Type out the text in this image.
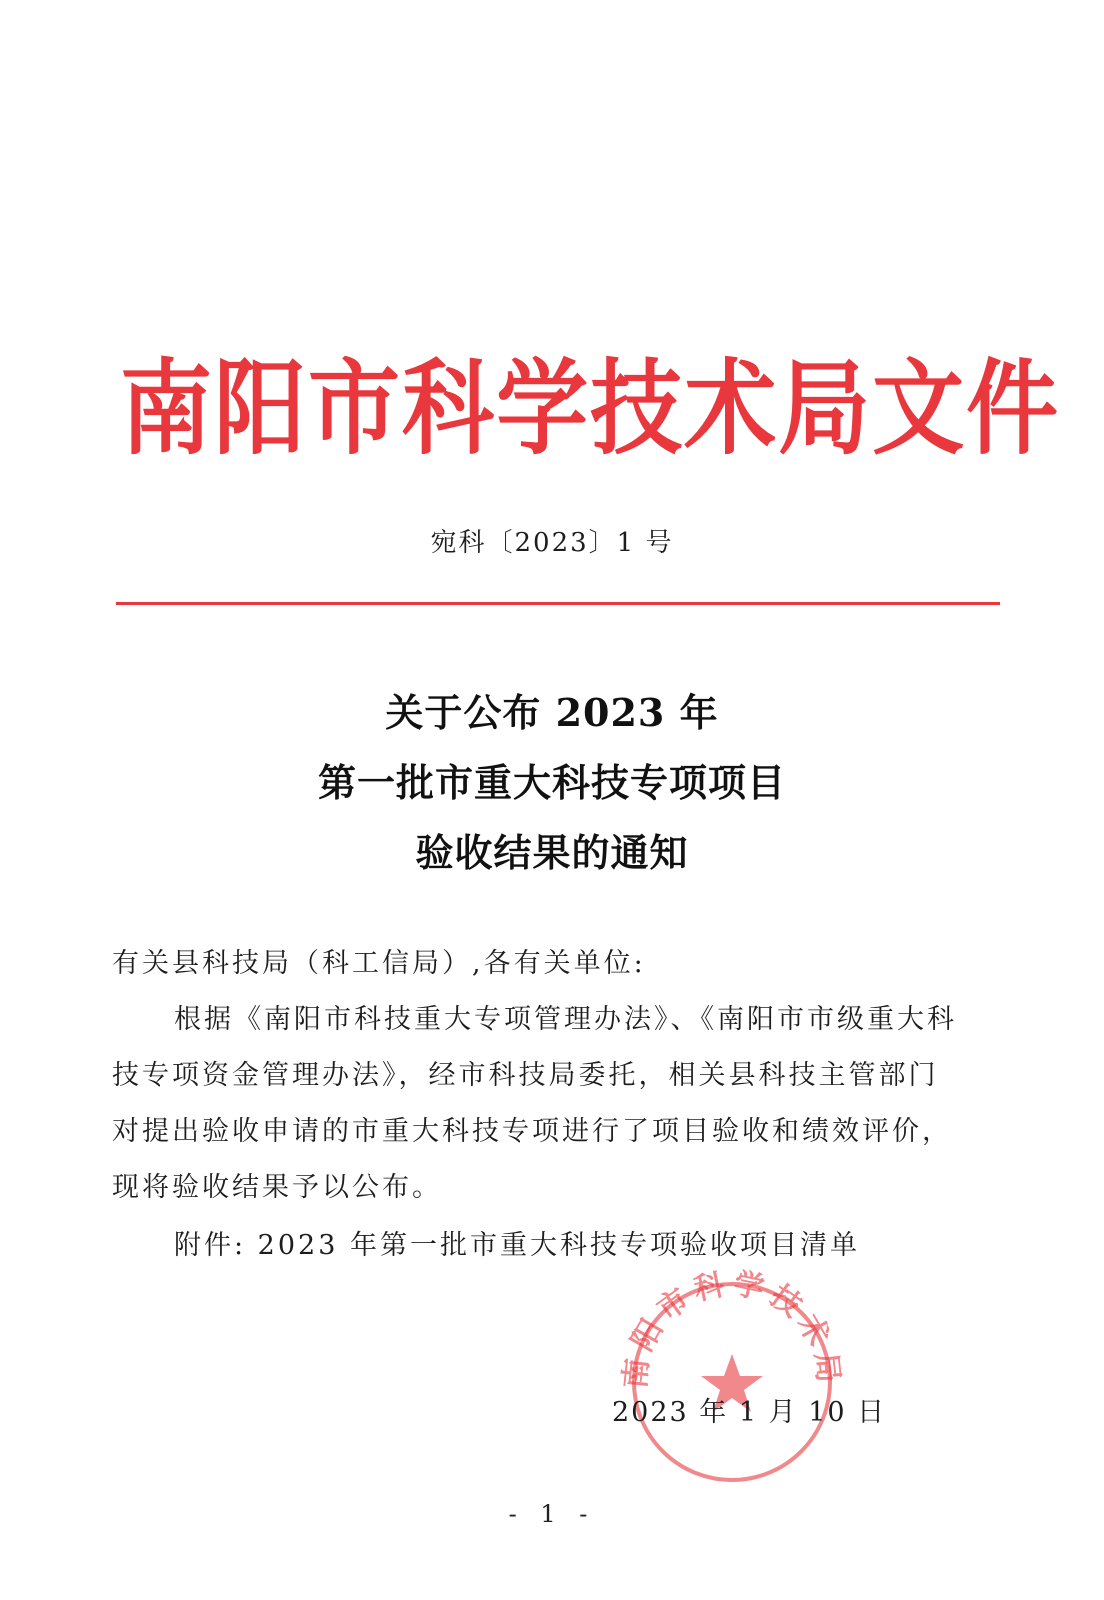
南 阳 市 科 学 技 术 局 文 件
宛科〔2023〕1 号
关于公布 2023 年
第一批市重大科技专项项目
验收结果的通知
有关县科技局（科工信局）,各有关单位:
根据《南阳市科技重大专项管理办法》、《南阳市市级重大科
技专项资金管理办法》，经市科技局委托，相关县科技主管部门
对提出验收申请的市重大科技专项进行了项目验收和绩效评价，
现将验收结果予以公布。
附件: 2023 年第一批市重大科技专项验收项目清单
南阳市科学技术局
2023 年 1 月 10 日
- 1 -
